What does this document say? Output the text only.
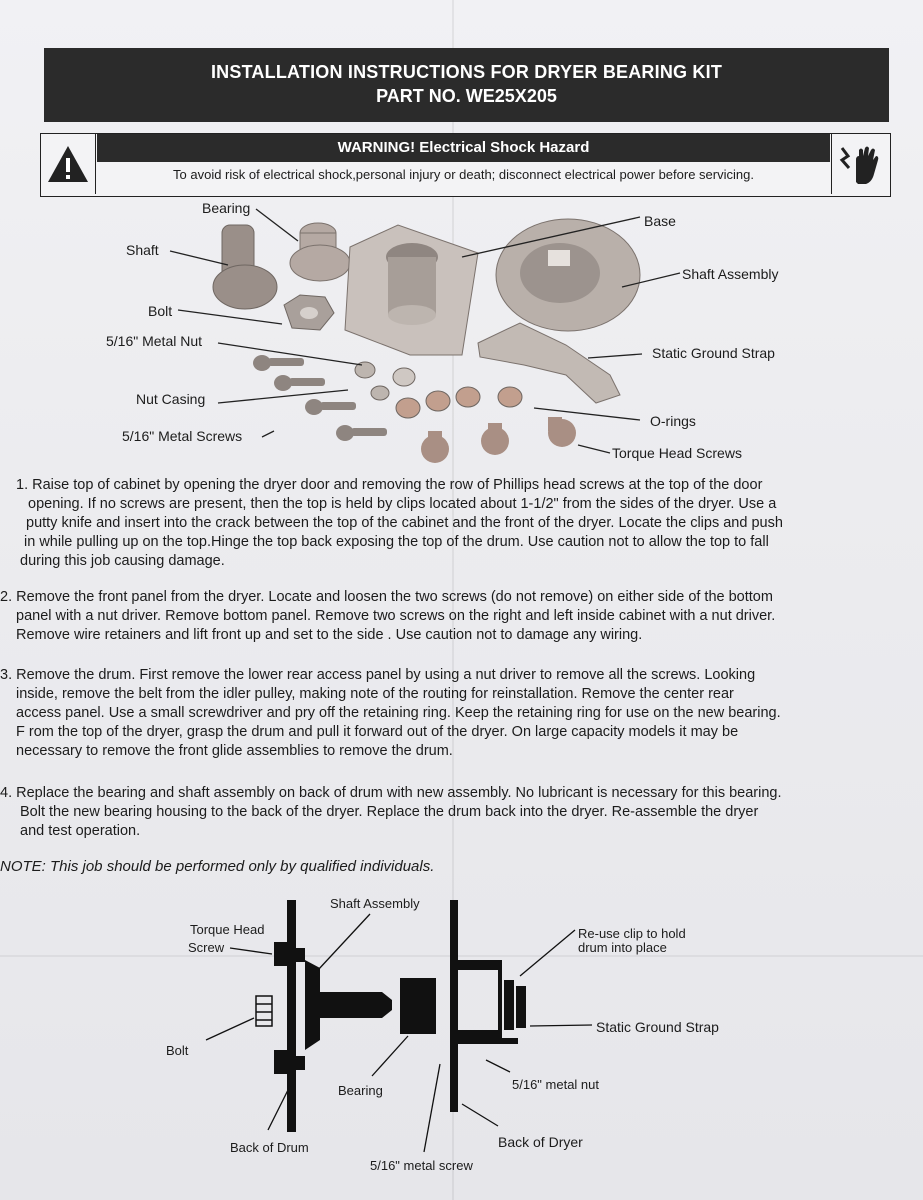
INSTALLATION INSTRUCTIONS FOR DRYER BEARING KIT
PART NO. WE25X205
WARNING! Electrical Shock Hazard
To avoid risk of electrical shock,personal injury or death; disconnect electrical power before servicing.
Bearing
Base
Shaft
Shaft Assembly
Bolt
5/16" Metal Nut
Static Ground Strap
Nut Casing
O-rings
5/16" Metal Screws
Torque Head Screws
1. Raise top of cabinet by opening the dryer door and removing the row of Phillips head screws at the top of the door
opening. If no screws are present, then the top is held by clips located about 1-1/2" from the sides of the dryer. Use a
putty knife and insert into the crack between the top of the cabinet and the front of the dryer. Locate the clips and push
in while pulling up on the top.Hinge the top back exposing the top of the drum. Use caution not to allow the top to fall
during this job causing damage.
2. Remove the front panel from the dryer. Locate and loosen the two screws (do not remove) on either side of the bottom
panel with a nut driver. Remove bottom panel. Remove two screws on the right and left inside cabinet with a nut driver.
Remove wire retainers and lift front up and set to the side . Use caution not to damage any wiring.
3. Remove the drum. First remove the lower rear access panel by using a nut driver to remove all the screws. Looking
inside, remove the belt from the idler pulley, making note of the routing for reinstallation. Remove the center rear
access panel. Use a small screwdriver and pry off the retaining ring. Keep the retaining ring for use on the new bearing.
F rom the top of the dryer, grasp the drum and pull it forward out of the dryer. On large capacity models it may be
necessary to remove the front glide assemblies to remove the drum.
4. Replace the bearing and shaft assembly on back of drum with new assembly. No lubricant is necessary for this bearing.
Bolt the new bearing housing to the back of the dryer. Replace the drum back into the dryer. Re-assemble the dryer
and test operation.
NOTE: This job should be performed only by qualified individuals.
Torque Head
Screw
Shaft Assembly
Re-use clip to hold
drum into place
Static Ground Strap
Bolt
Bearing	5/16" metal nut
Back of Drum	Back of Dryer
5/16" metal screw
